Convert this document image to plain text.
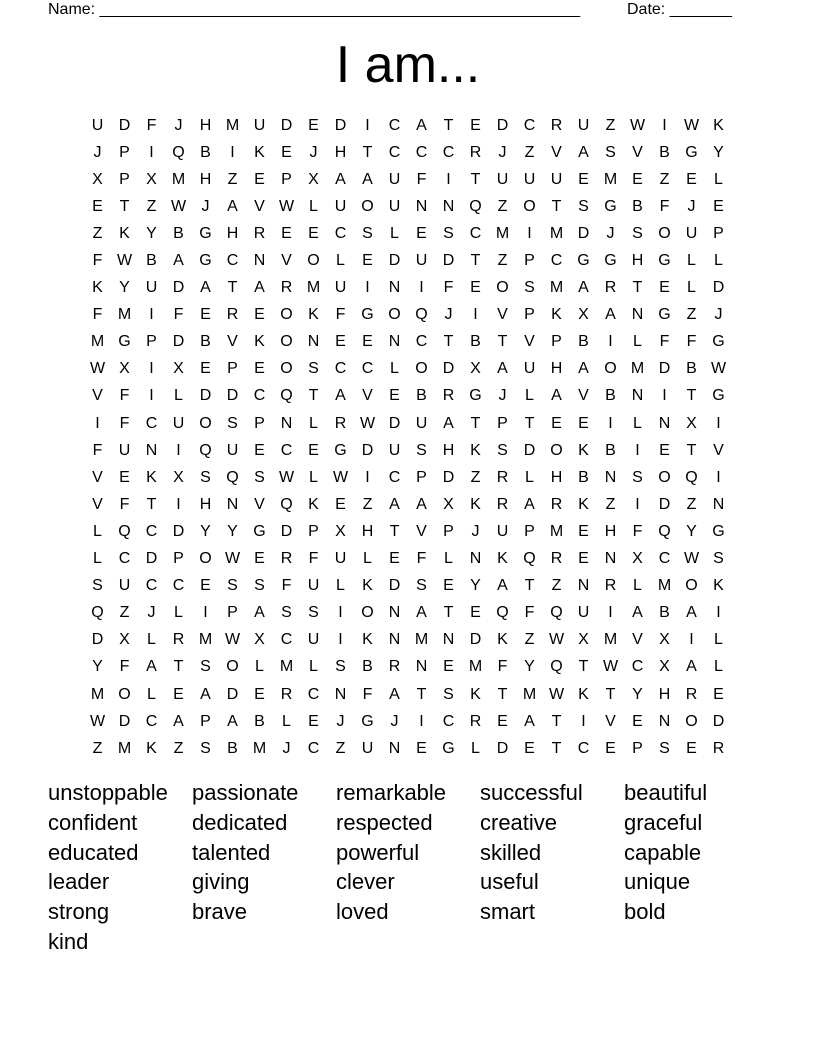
Name: ______________________________________________________	Date: _______
I am...
U D	F	J	H M U D E D	I	C A	T	E D C R U	Z W	I	W K
J	P	I	Q B	I	K	E	J	H	T	C C C R	J	Z	V	A	S	V	B G Y
X	P	X M H	Z	E	P	X	A	A U	F	I	T	U U U E M E	Z	E	L
E	T	Z W J	A	V W L	U O U N N Q Z O T	S G B	F	J	E
Z	K	Y	B G H R E	E C S	L	E	S C M	I	M D	J	S O U P
F W B	A G C N V O	L	E D U D	T	Z	P C G G H G	L	L
K	Y U D A	T	A R M U	I	N	I	F	E O S M A R	T	E	L	D
F M	I	F	E R E O K	F G O Q	J	I	V	P	K	X	A N G Z	J
M G P D B	V	K O N E	E N C	T	B	T	V	P	B	I	L	F	F G
W X	I	X	E	P	E O S C C	L	O D X	A U H A O M D B W
V	F	I	L	D D C Q T	A	V	E	B R G	J	L	A	V	B N	I	T G
I	F	C U O S	P N	L	R W D U A	T	P	T	E	E	I	L	N X	I
F	U N	I	Q U E C E G D U S H K	S D O K	B	I	E	T	V
V	E	K	X	S Q S W L W	I	C P D	Z	R	L	H B N S O Q	I
V	F	T	I	H N V Q K	E	Z	A	A	X	K R A R K	Z	I	D	Z	N
L	Q C D Y	Y G D P	X H	T	V	P	J	U P M E H	F Q Y G
L	C D P O W E R	F	U	L	E	F	L	N K Q R E N X C W S
S U C C E	S	S	F	U	L	K D S	E	Y	A	T	Z	N R	L M O K
Q Z	J	L	I	P	A	S	S	I	O N A	T	E Q F Q U	I	A	B	A	I
D X	L	R M W X C U	I	K N M N D K	Z W X M V	X	I	L
Y	F	A	T	S O	L M L	S	B R N E M F	Y Q T W C X	A	L
M O	L	E	A D E R C N	F	A	T	S	K	T M W K	T	Y H R E
W D C A	P	A	B	L	E	J	G	J	I	C R E	A	T	I	V	E N O D
Z M K	Z	S	B M	J	C	Z	U N E G	L	D E	T	C E	P	S	E R
unstoppable	passionate	remarkable	successful	beautiful
confident	dedicated	respected	creative	graceful
educated	talented	powerful	skilled	capable
leader	giving	clever	useful	unique
strong	brave	loved	smart	bold
kind
